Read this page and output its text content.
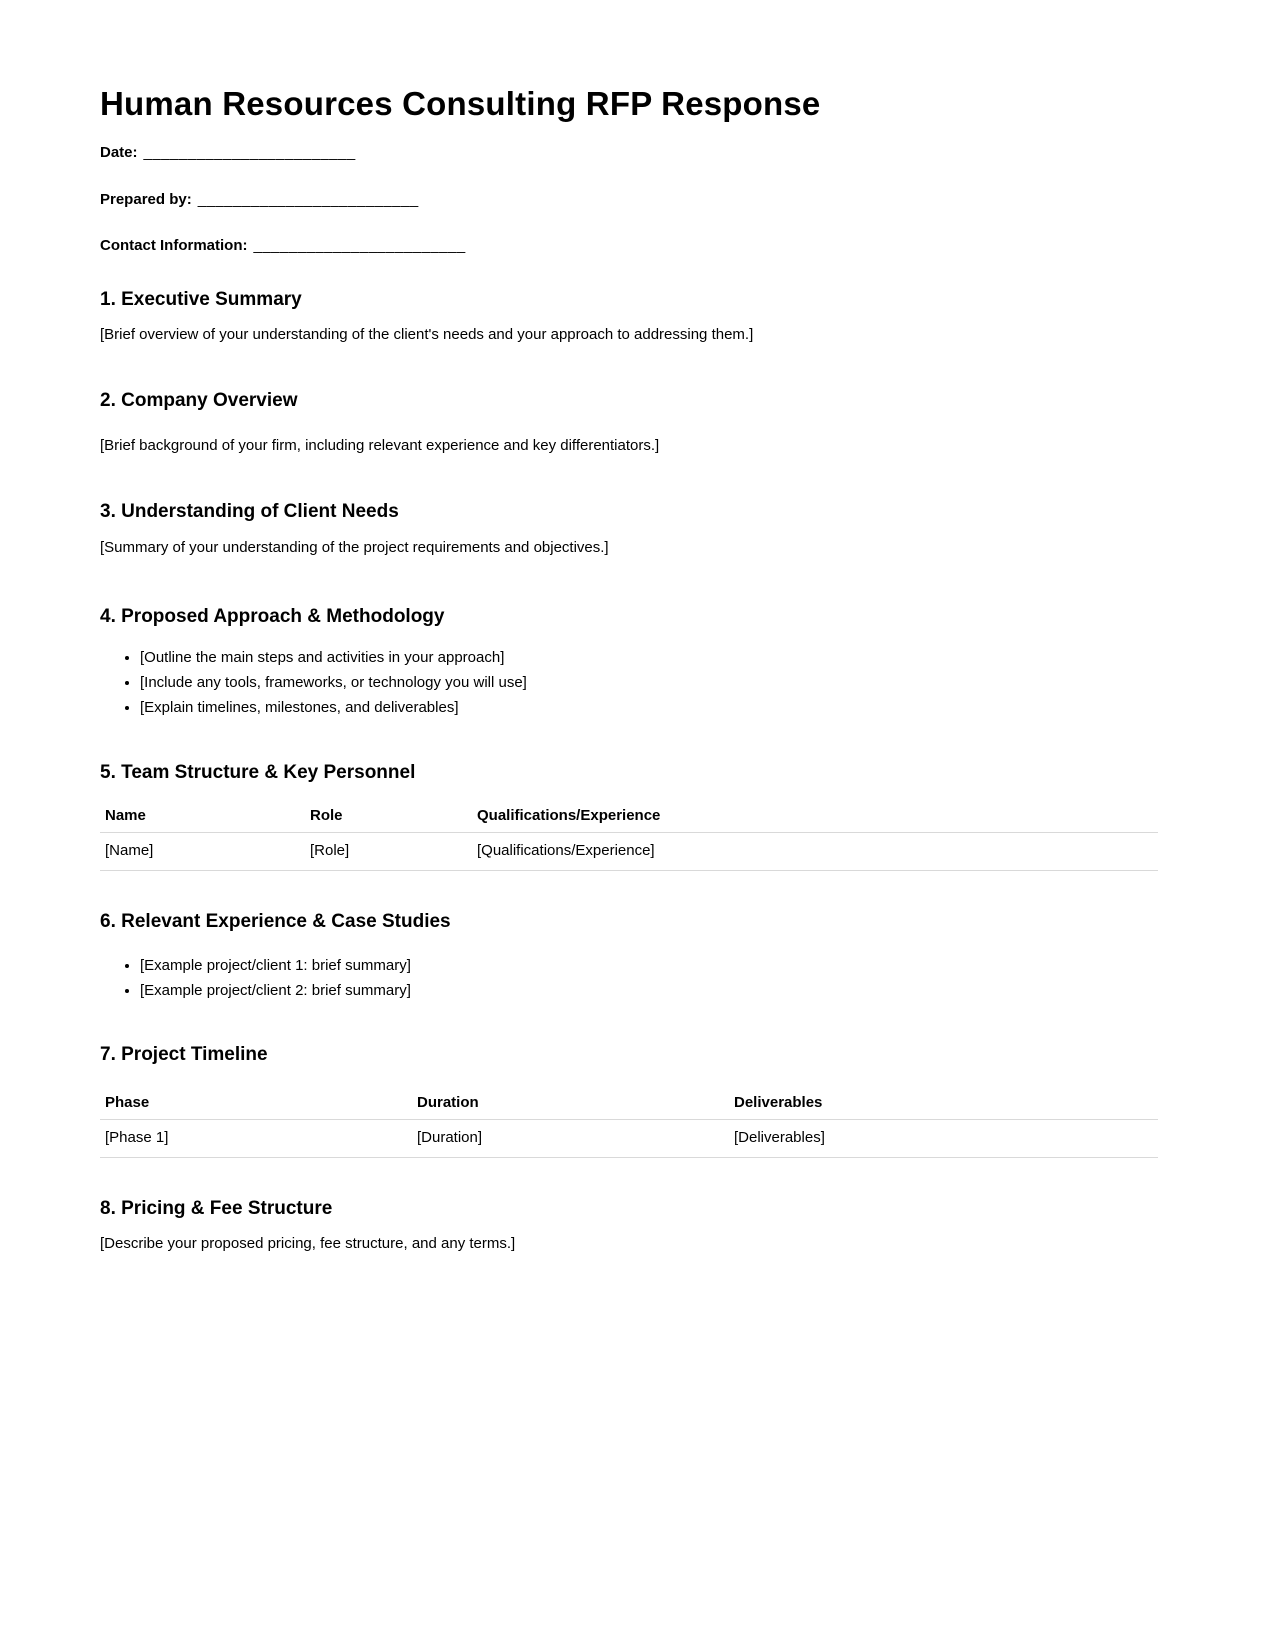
Human Resources Consulting RFP Response

Date: ________________________

Prepared by: _________________________

Contact Information: ________________________

1. Executive Summary

[Brief overview of your understanding of the client's needs and your approach to addressing them.]

2. Company Overview

[Brief background of your firm, including relevant experience and key differentiators.]

3. Understanding of Client Needs

[Summary of your understanding of the project requirements and objectives.]

4. Proposed Approach & Methodology
• [Outline the main steps and activities in your approach]
• [Include any tools, frameworks, or technology you will use]
• [Explain timelines, milestones, and deliverables]
5. Team Structure & Key Personnel
Name	Role	Qualifications/Experience
[Name]	[Role]	[Qualifications/Experience]
6. Relevant Experience & Case Studies
• [Example project/client 1: brief summary]
• [Example project/client 2: brief summary]
7. Project Timeline
Phase	Duration	Deliverables
[Phase 1]	[Duration]	[Deliverables]
8. Pricing & Fee Structure

[Describe your proposed pricing, fee structure, and any terms.]
